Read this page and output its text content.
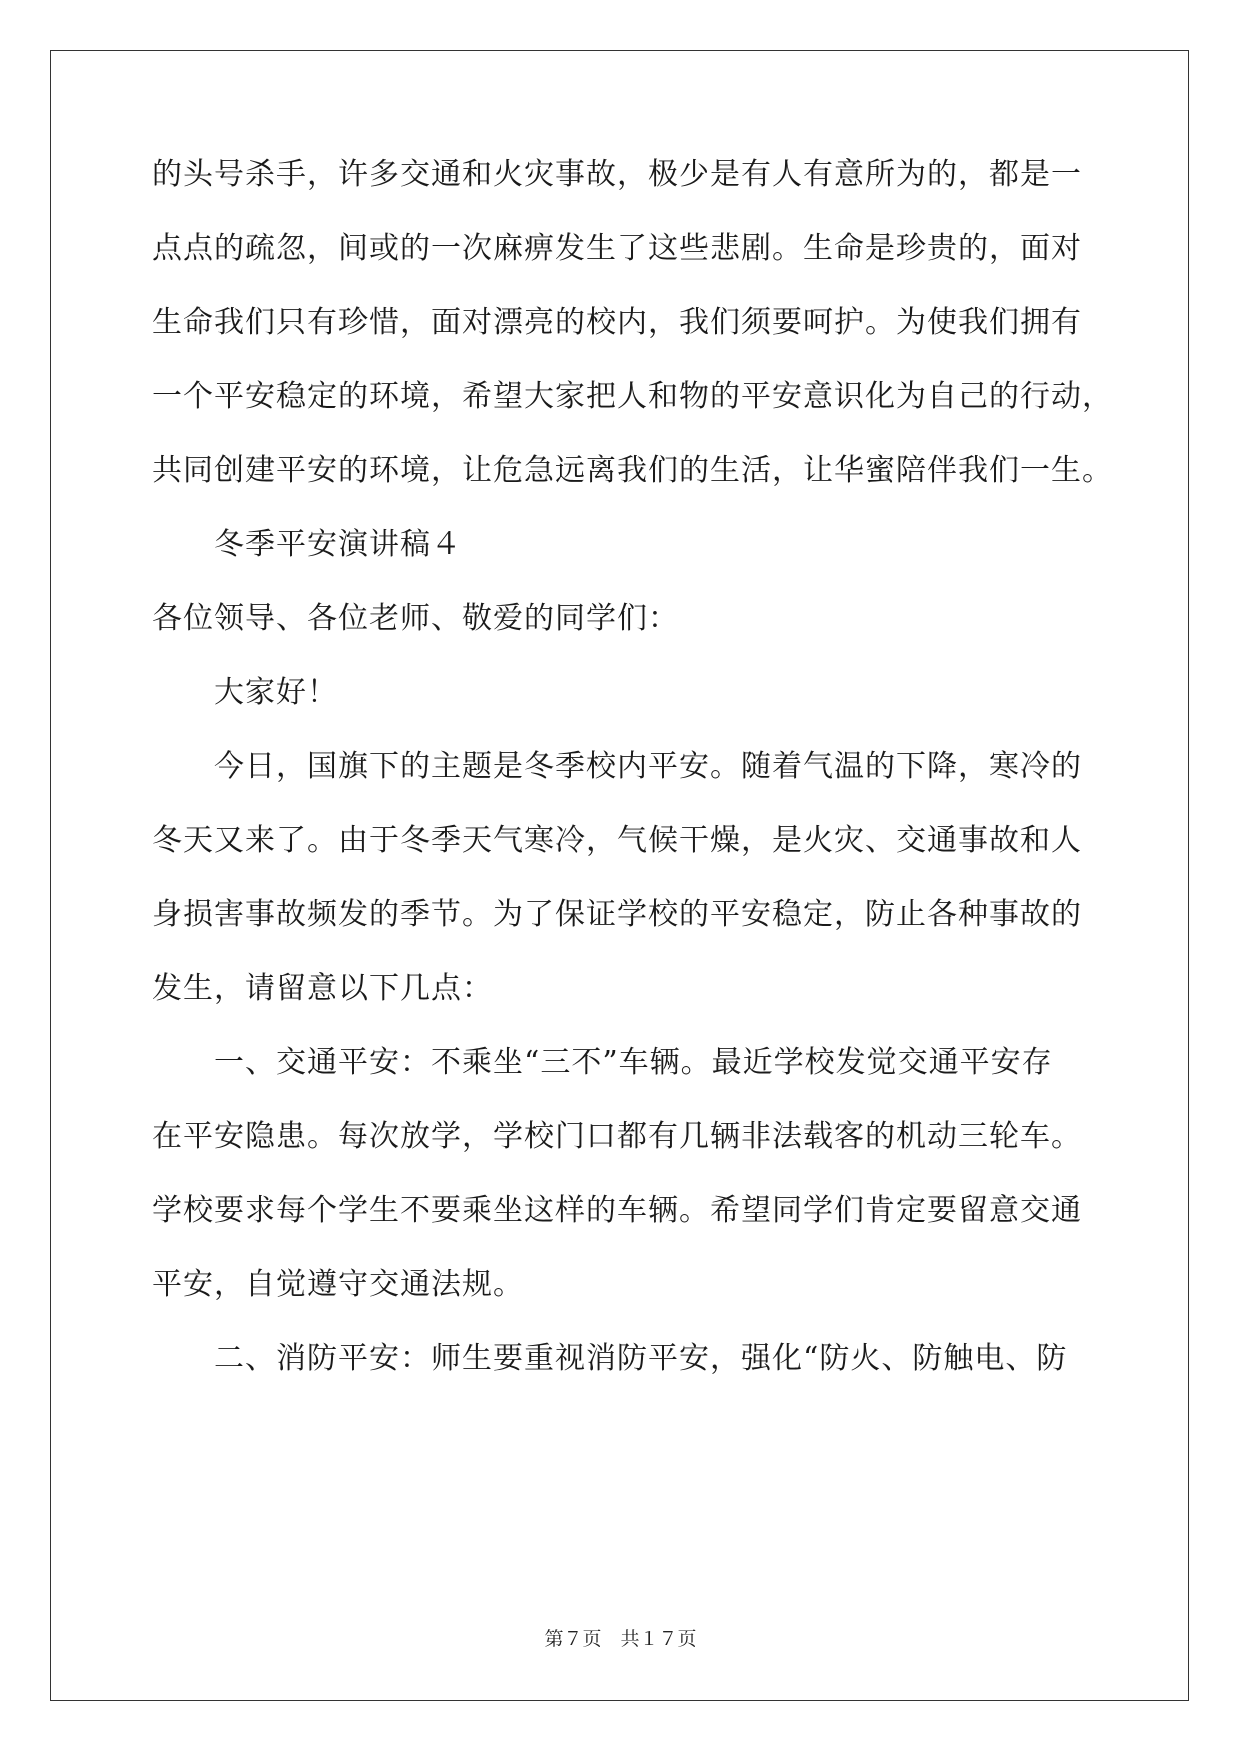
的头号杀手，许多交通和火灾事故，极少是有人有意所为的，都是一
点点的疏忽，间或的一次麻痹发生了这些悲剧。生命是珍贵的，面对
生命我们只有珍惜，面对漂亮的校内，我们须要呵护。为使我们拥有
一个平安稳定的环境，希望大家把人和物的平安意识化为自己的行动，
共同创建平安的环境，让危急远离我们的生活，让华蜜陪伴我们一生。
冬季平安演讲稿４
各位领导、各位老师、敬爱的同学们：
大家好！
今日，国旗下的主题是冬季校内平安。随着气温的下降，寒冷的
冬天又来了。由于冬季天气寒冷，气候干燥，是火灾、交通事故和人
身损害事故频发的季节。为了保证学校的平安稳定，防止各种事故的
发生，请留意以下几点：
一、交通平安：不乘坐“三不”车辆。最近学校发觉交通平安存
在平安隐患。每次放学，学校门口都有几辆非法载客的机动三轮车。
学校要求每个学生不要乘坐这样的车辆。希望同学们肯定要留意交通
平安，自觉遵守交通法规。
二、消防平安：师生要重视消防平安，强化“防火、防触电、防
第７页　共１７页
